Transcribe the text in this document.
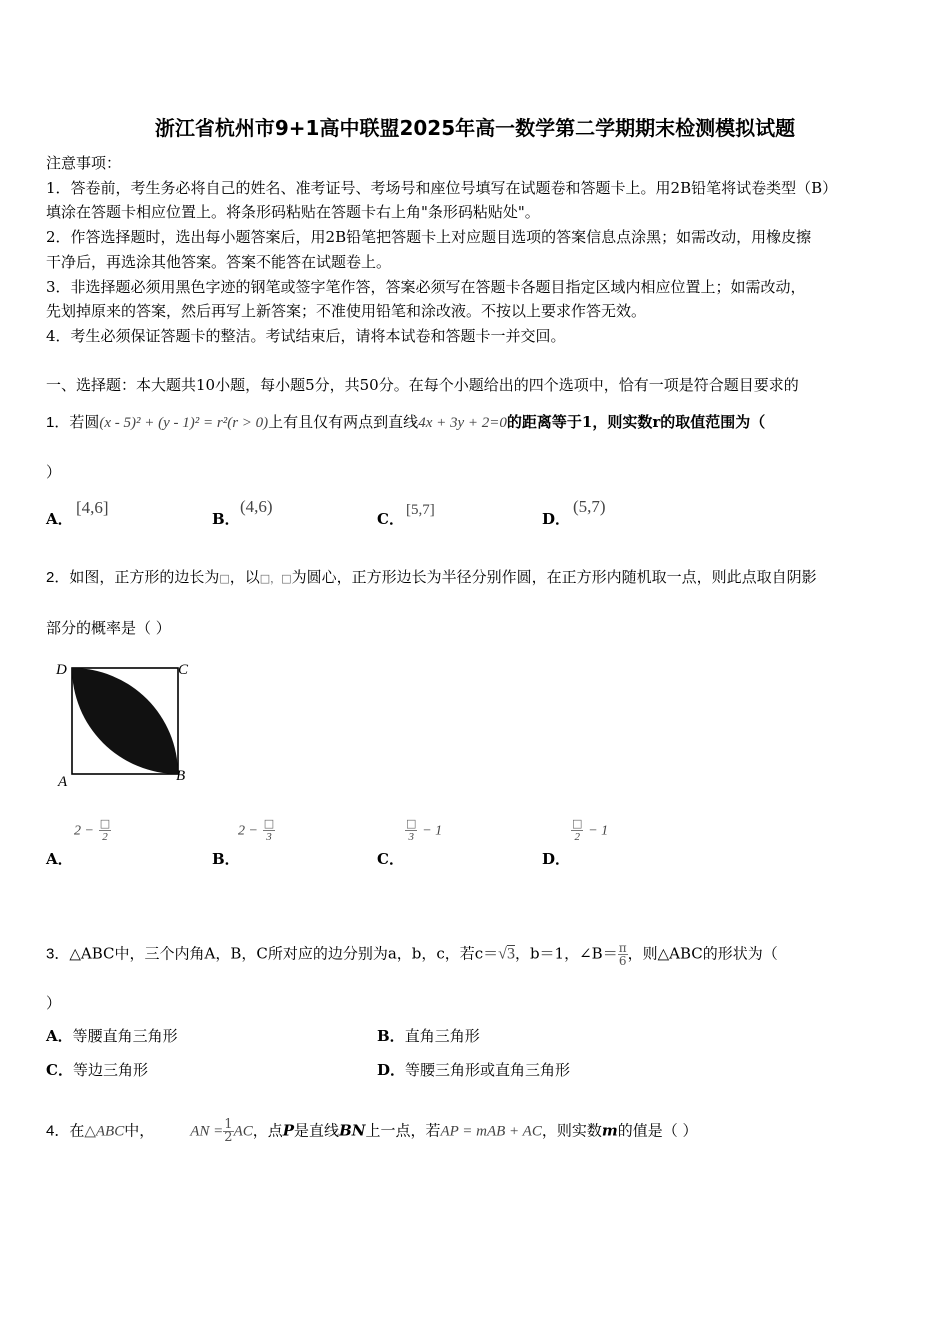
浙江省杭州市9+1高中联盟2025年高一数学第二学期期末检测模拟试题
注意事项：
1．答卷前，考生务必将自己的姓名、准考证号、考场号和座位号填写在试题卷和答题卡上。用2B铅笔将试卷类型（B）
填涂在答题卡相应位置上。将条形码粘贴在答题卡右上角"条形码粘贴处"。
2．作答选择题时，选出每小题答案后，用2B铅笔把答题卡上对应题目选项的答案信息点涂黑；如需改动，用橡皮擦
干净后，再选涂其他答案。答案不能答在试题卷上。
3．非选择题必须用黑色字迹的钢笔或签字笔作答，答案必须写在答题卡各题目指定区域内相应位置上；如需改动，
先划掉原来的答案，然后再写上新答案；不准使用铅笔和涂改液。不按以上要求作答无效。
4．考生必须保证答题卡的整洁。考试结束后，请将本试卷和答题卡一并交回。
一、选择题：本大题共10小题，每小题5分，共50分。在每个小题给出的四个选项中，恰有一项是符合题目要求的
1．若圆(x - 5)² + (y - 1)² = r²(r > 0)上有且仅有两点到直线4x + 3y + 2=0的距离等于1，则实数r的取值范围为（
）
A．
[4,6]
B．
(4,6)
C． [5,7]	D．
(5,7)
2．如图，正方形的边长为□，以□，□为圆心，正方形边长为半径分别作圆，在正方形内随机取一点，则此点取自阴影
部分的概率是（ ）
D	C
A	B
A．
$2 - \frac{□}{2}$
B．
$2 - \frac{□}{3}$
C．
$\frac{□}{3} - 1$
D．
$\frac{□}{2} - 1$
3．△ABC中，三个内角A，B，C所对应的边分别为a，b，c，若c＝√3，b＝1，∠B＝ $\frac{\pi}{6}$，则△ABC的形状为（
）
A．等腰直角三角形	B．直角三角形
C．等边三角形	D．等腰三角形或直角三角形
4．在△ABC中， AN = $\frac{1}{2}AC$，点P是直线BN上一点，若AP = mAB + AC，则实数m的值是（ ）
